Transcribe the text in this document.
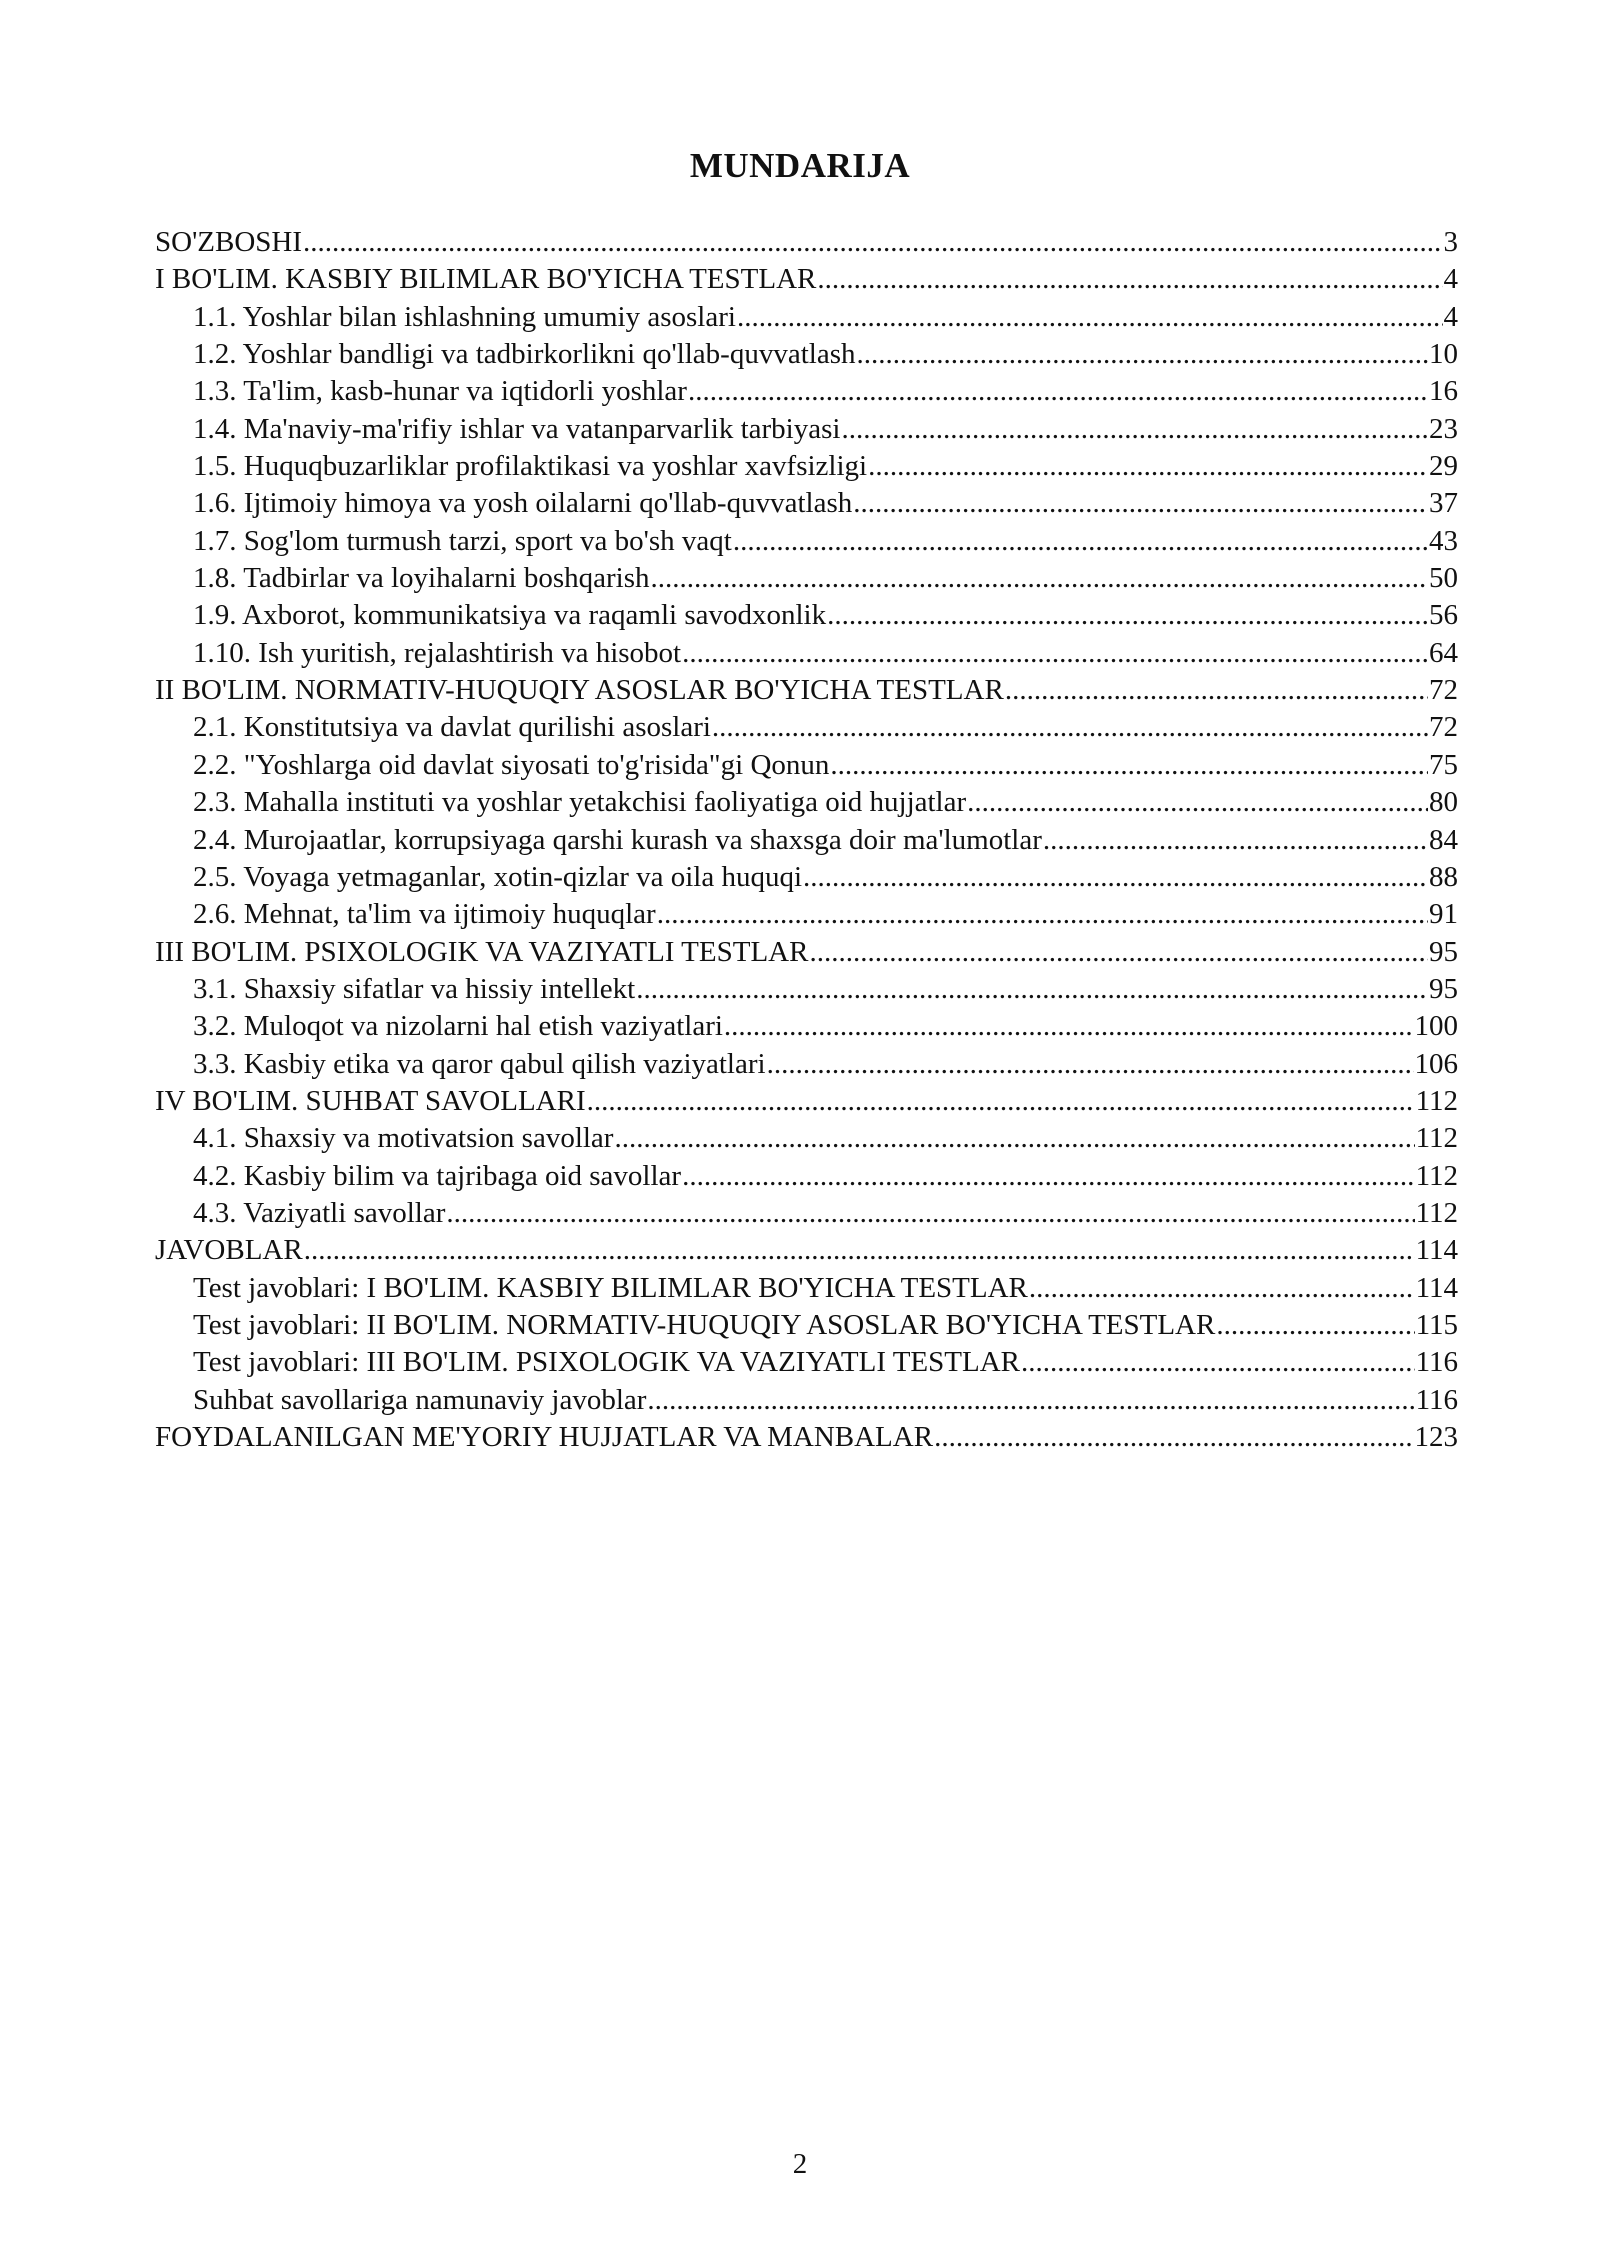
MUNDARIJA
SO'ZBOSHI .....	3
I BO'LIM. KASBIY BILIMLAR BO'YICHA TESTLAR .....	4
1.1. Yoshlar bilan ishlashning umumiy asoslari .....	4
1.2. Yoshlar bandligi va tadbirkorlikni qo'llab-quvvatlash .....	10
1.3. Ta'lim, kasb-hunar va iqtidorli yoshlar .....	16
1.4. Ma'naviy-ma'rifiy ishlar va vatanparvarlik tarbiyasi .....	23
1.5. Huquqbuzarliklar profilaktikasi va yoshlar xavfsizligi .....	29
1.6. Ijtimoiy himoya va yosh oilalarni qo'llab-quvvatlash .....	37
1.7. Sog'lom turmush tarzi, sport va bo'sh vaqt .....	43
1.8. Tadbirlar va loyihalarni boshqarish .....	50
1.9. Axborot, kommunikatsiya va raqamli savodxonlik .....	56
1.10. Ish yuritish, rejalashtirish va hisobot .....	64
II BO'LIM. NORMATIV-HUQUQIY ASOSLAR BO'YICHA TESTLAR .....	72
2.1. Konstitutsiya va davlat qurilishi asoslari .....	72
2.2. "Yoshlarga oid davlat siyosati to'g'risida"gi Qonun .....	75
2.3. Mahalla instituti va yoshlar yetakchisi faoliyatiga oid hujjatlar .....	80
2.4. Murojaatlar, korrupsiyaga qarshi kurash va shaxsga doir ma'lumotlar .....	84
2.5. Voyaga yetmaganlar, xotin-qizlar va oila huquqi .....	88
2.6. Mehnat, ta'lim va ijtimoiy huquqlar .....	91
III BO'LIM. PSIXOLOGIK VA VAZIYATLI TESTLAR .....	95
3.1. Shaxsiy sifatlar va hissiy intellekt .....	95
3.2. Muloqot va nizolarni hal etish vaziyatlari .....	100
3.3. Kasbiy etika va qaror qabul qilish vaziyatlari .....	106
IV BO'LIM. SUHBAT SAVOLLARI .....	112
4.1. Shaxsiy va motivatsion savollar .....	112
4.2. Kasbiy bilim va tajribaga oid savollar .....	112
4.3. Vaziyatli savollar .....	112
JAVOBLAR .....	114
Test javoblari: I BO'LIM. KASBIY BILIMLAR BO'YICHA TESTLAR .....	114
Test javoblari: II BO'LIM. NORMATIV-HUQUQIY ASOSLAR BO'YICHA TESTLAR .....	115
Test javoblari: III BO'LIM. PSIXOLOGIK VA VAZIYATLI TESTLAR .....	116
Suhbat savollariga namunaviy javoblar .....	116
FOYDALANILGAN ME'YORIY HUJJATLAR VA MANBALAR .....	123
2
